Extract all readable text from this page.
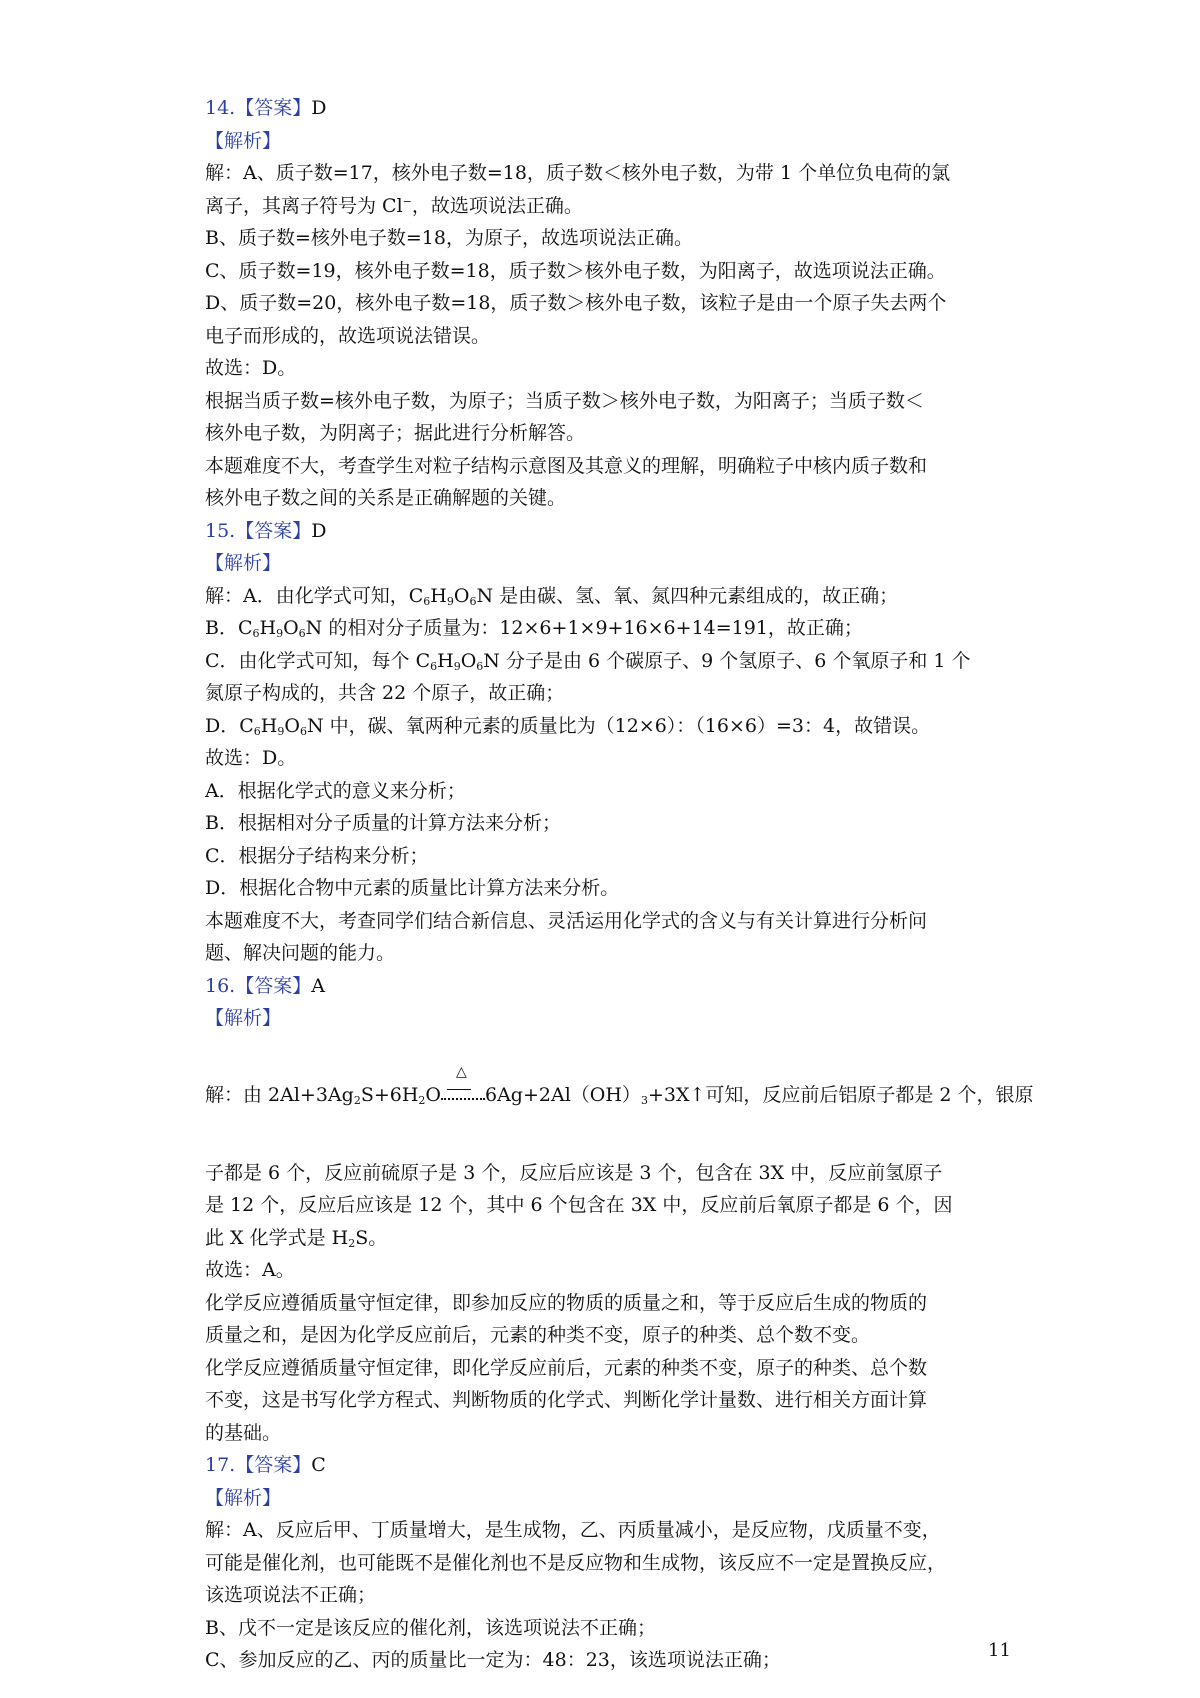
14.【答案】D
【解析】
解：A、质子数=17，核外电子数=18，质子数＜核外电子数，为带 1 个单位负电荷的氯
离子，其离子符号为 Cl−，故选项说法正确。
B、质子数=核外电子数=18，为原子，故选项说法正确。
C、质子数=19，核外电子数=18，质子数＞核外电子数，为阳离子，故选项说法正确。
D、质子数=20，核外电子数=18，质子数＞核外电子数，该粒子是由一个原子失去两个
电子而形成的，故选项说法错误。
故选：D。
根据当质子数=核外电子数，为原子；当质子数＞核外电子数，为阳离子；当质子数＜
核外电子数，为阴离子；据此进行分析解答。
本题难度不大，考查学生对粒子结构示意图及其意义的理解，明确粒子中核内质子数和
核外电子数之间的关系是正确解题的关键。
15.【答案】D
【解析】
解：A．由化学式可知，$C_6H_9O_6N$ 是由碳、氢、氧、氮四种元素组成的，故正确；
B．$C_6H_9O_6N$ 的相对分子质量为：12×6+1×9+16×6+14=191，故正确；
C．由化学式可知，每个 $C_6H_9O_6N$ 分子是由 6 个碳原子、9 个氢原子、6 个氧原子和 1 个
氮原子构成的，共含 22 个原子，故正确；
D．$C_6H_9O_6N$ 中，碳、氧两种元素的质量比为（12×6）：（16×6）=3：4，故错误。
故选：D。
A．根据化学式的意义来分析；
B．根据相对分子质量的计算方法来分析；
C．根据分子结构来分析；
D．根据化合物中元素的质量比计算方法来分析。
本题难度不大，考查同学们结合新信息、灵活运用化学式的含义与有关计算进行分析问
题、解决问题的能力。
16.【答案】A
【解析】
解：由 $2Al+3Ag_2S+6H_2O$
△
$6Ag+2Al(OH)_3+3X↑$可知，反应前后铝原子都是 2 个，银原
子都是 6 个，反应前硫原子是 3 个，反应后应该是 3 个，包含在 3X 中，反应前氢原子
是 12 个，反应后应该是 12 个，其中 6 个包含在 3X 中，反应前后氧原子都是 6 个，因
此 X 化学式是 $H_2S$。
故选：A。
化学反应遵循质量守恒定律，即参加反应的物质的质量之和，等于反应后生成的物质的
质量之和，是因为化学反应前后，元素的种类不变，原子的种类、总个数不变。
化学反应遵循质量守恒定律，即化学反应前后，元素的种类不变，原子的种类、总个数
不变，这是书写化学方程式、判断物质的化学式、判断化学计量数、进行相关方面计算
的基础。
17.【答案】C
【解析】
解：A、反应后甲、丁质量增大，是生成物，乙、丙质量减小，是反应物，戊质量不变，
可能是催化剂，也可能既不是催化剂也不是反应物和生成物，该反应不一定是置换反应，
该选项说法不正确；
B、戊不一定是该反应的催化剂，该选项说法不正确；
C、参加反应的乙、丙的质量比一定为：48：23，该选项说法正确；	11
